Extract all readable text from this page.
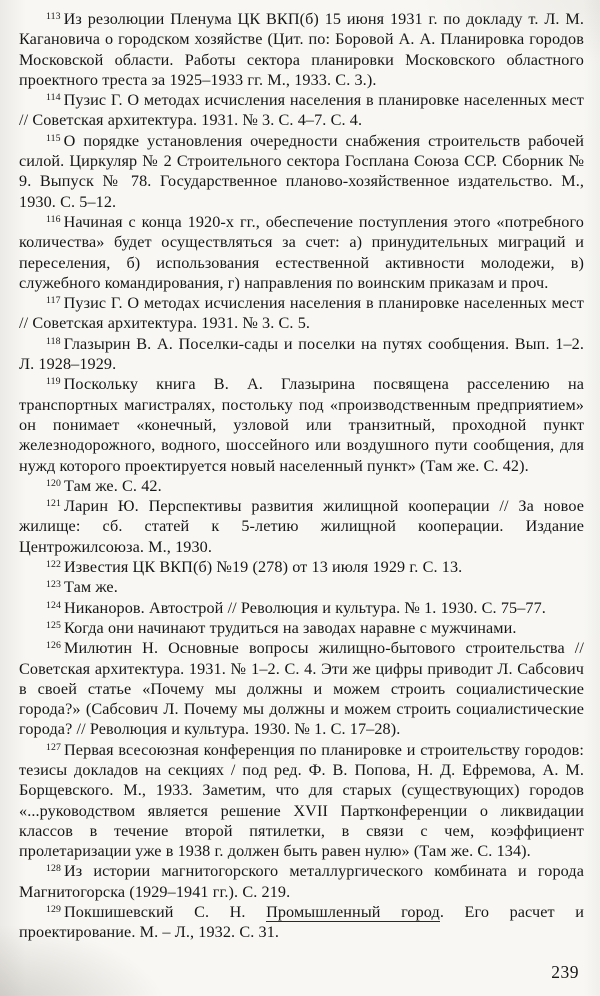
$^{113}$ Из резолюции Пленума ЦК ВКП(б) 15 июня 1931 г. по докладу т. Л. М. Кагановича о городском хозяйстве (Цит. по: Боровой А. А. Планировка городов Московской области. Работы сектора планировки Московского областного проектного треста за 1925–1933 гг. М., 1933. С. 3.).

$^{114}$ Пузис Г. О методах исчисления населения в планировке населенных мест // Советская архитектура. 1931. № 3. С. 4–7. С. 4.

$^{115}$ О порядке установления очередности снабжения строительств рабочей силой. Циркуляр № 2 Строительного сектора Госплана Союза ССР. Сборник № 9. Выпуск № 78. Государственное планово-хозяйственное издательство. М., 1930. С. 5–12.

$^{116}$ Начиная с конца 1920-х гг., обеспечение поступления этого «потребного количества» будет осуществляться за счет: а) принудительных миграций и переселения, б) использования естественной активности молодежи, в) служебного командирования, г) направления по воинским приказам и проч.

$^{117}$ Пузис Г. О методах исчисления населения в планировке населенных мест // Советская архитектура. 1931. № 3. С. 5.

$^{118}$ Глазырин В. А. Поселки-сады и поселки на путях сообщения. Вып. 1–2. Л. 1928–1929.

$^{119}$ Поскольку книга В. А. Глазырина посвящена расселению на транспортных магистралях, постольку под «производственным предприятием» он понимает «конечный, узловой или транзитный, проходной пункт железнодорожного, водного, шоссейного или воздушного пути сообщения, для нужд которого проектируется новый населенный пункт» (Там же. С. 42).

$^{120}$ Там же. С. 42.

$^{121}$ Ларин Ю. Перспективы развития жилищной кооперации // За новое жилище: сб. статей к 5-летию жилищной кооперации. Издание Центрожилсоюза. М., 1930.

$^{122}$ Известия ЦК ВКП(б) №19 (278) от 13 июля 1929 г. С. 13.

$^{123}$ Там же.

$^{124}$ Никаноров. Автострой // Революция и культура. № 1. 1930. С. 75–77.

$^{125}$ Когда они начинают трудиться на заводах наравне с мужчинами.

$^{126}$ Милютин Н. Основные вопросы жилищно-бытового строительства // Советская архитектура. 1931. № 1–2. С. 4. Эти же цифры приводит Л. Сабсович в своей статье «Почему мы должны и можем строить социалистические города?» (Сабсович Л. Почему мы должны и можем строить социалистические города? // Революция и культура. 1930. № 1. С. 17–28).

$^{127}$ Первая всесоюзная конференция по планировке и строительству городов: тезисы докладов на секциях / под ред. Ф. В. Попова, Н. Д. Ефремова, А. М. Борщевского. М., 1933. Заметим, что для старых (существующих) городов «...руководством является решение XVII Партконференции о ликвидации классов в течение второй пятилетки, в связи с чем, коэффициент пролетаризации уже в 1938 г. должен быть равен нулю» (Там же. С. 134).

$^{128}$ Из истории магнитогорского металлургического комбината и города Магнитогорска (1929–1941 гг.). С. 219.

$^{129}$ Покшишевский С. Н. Промышленный город. Его расчет и проектирование. М. – Л., 1932. С. 31.

239
